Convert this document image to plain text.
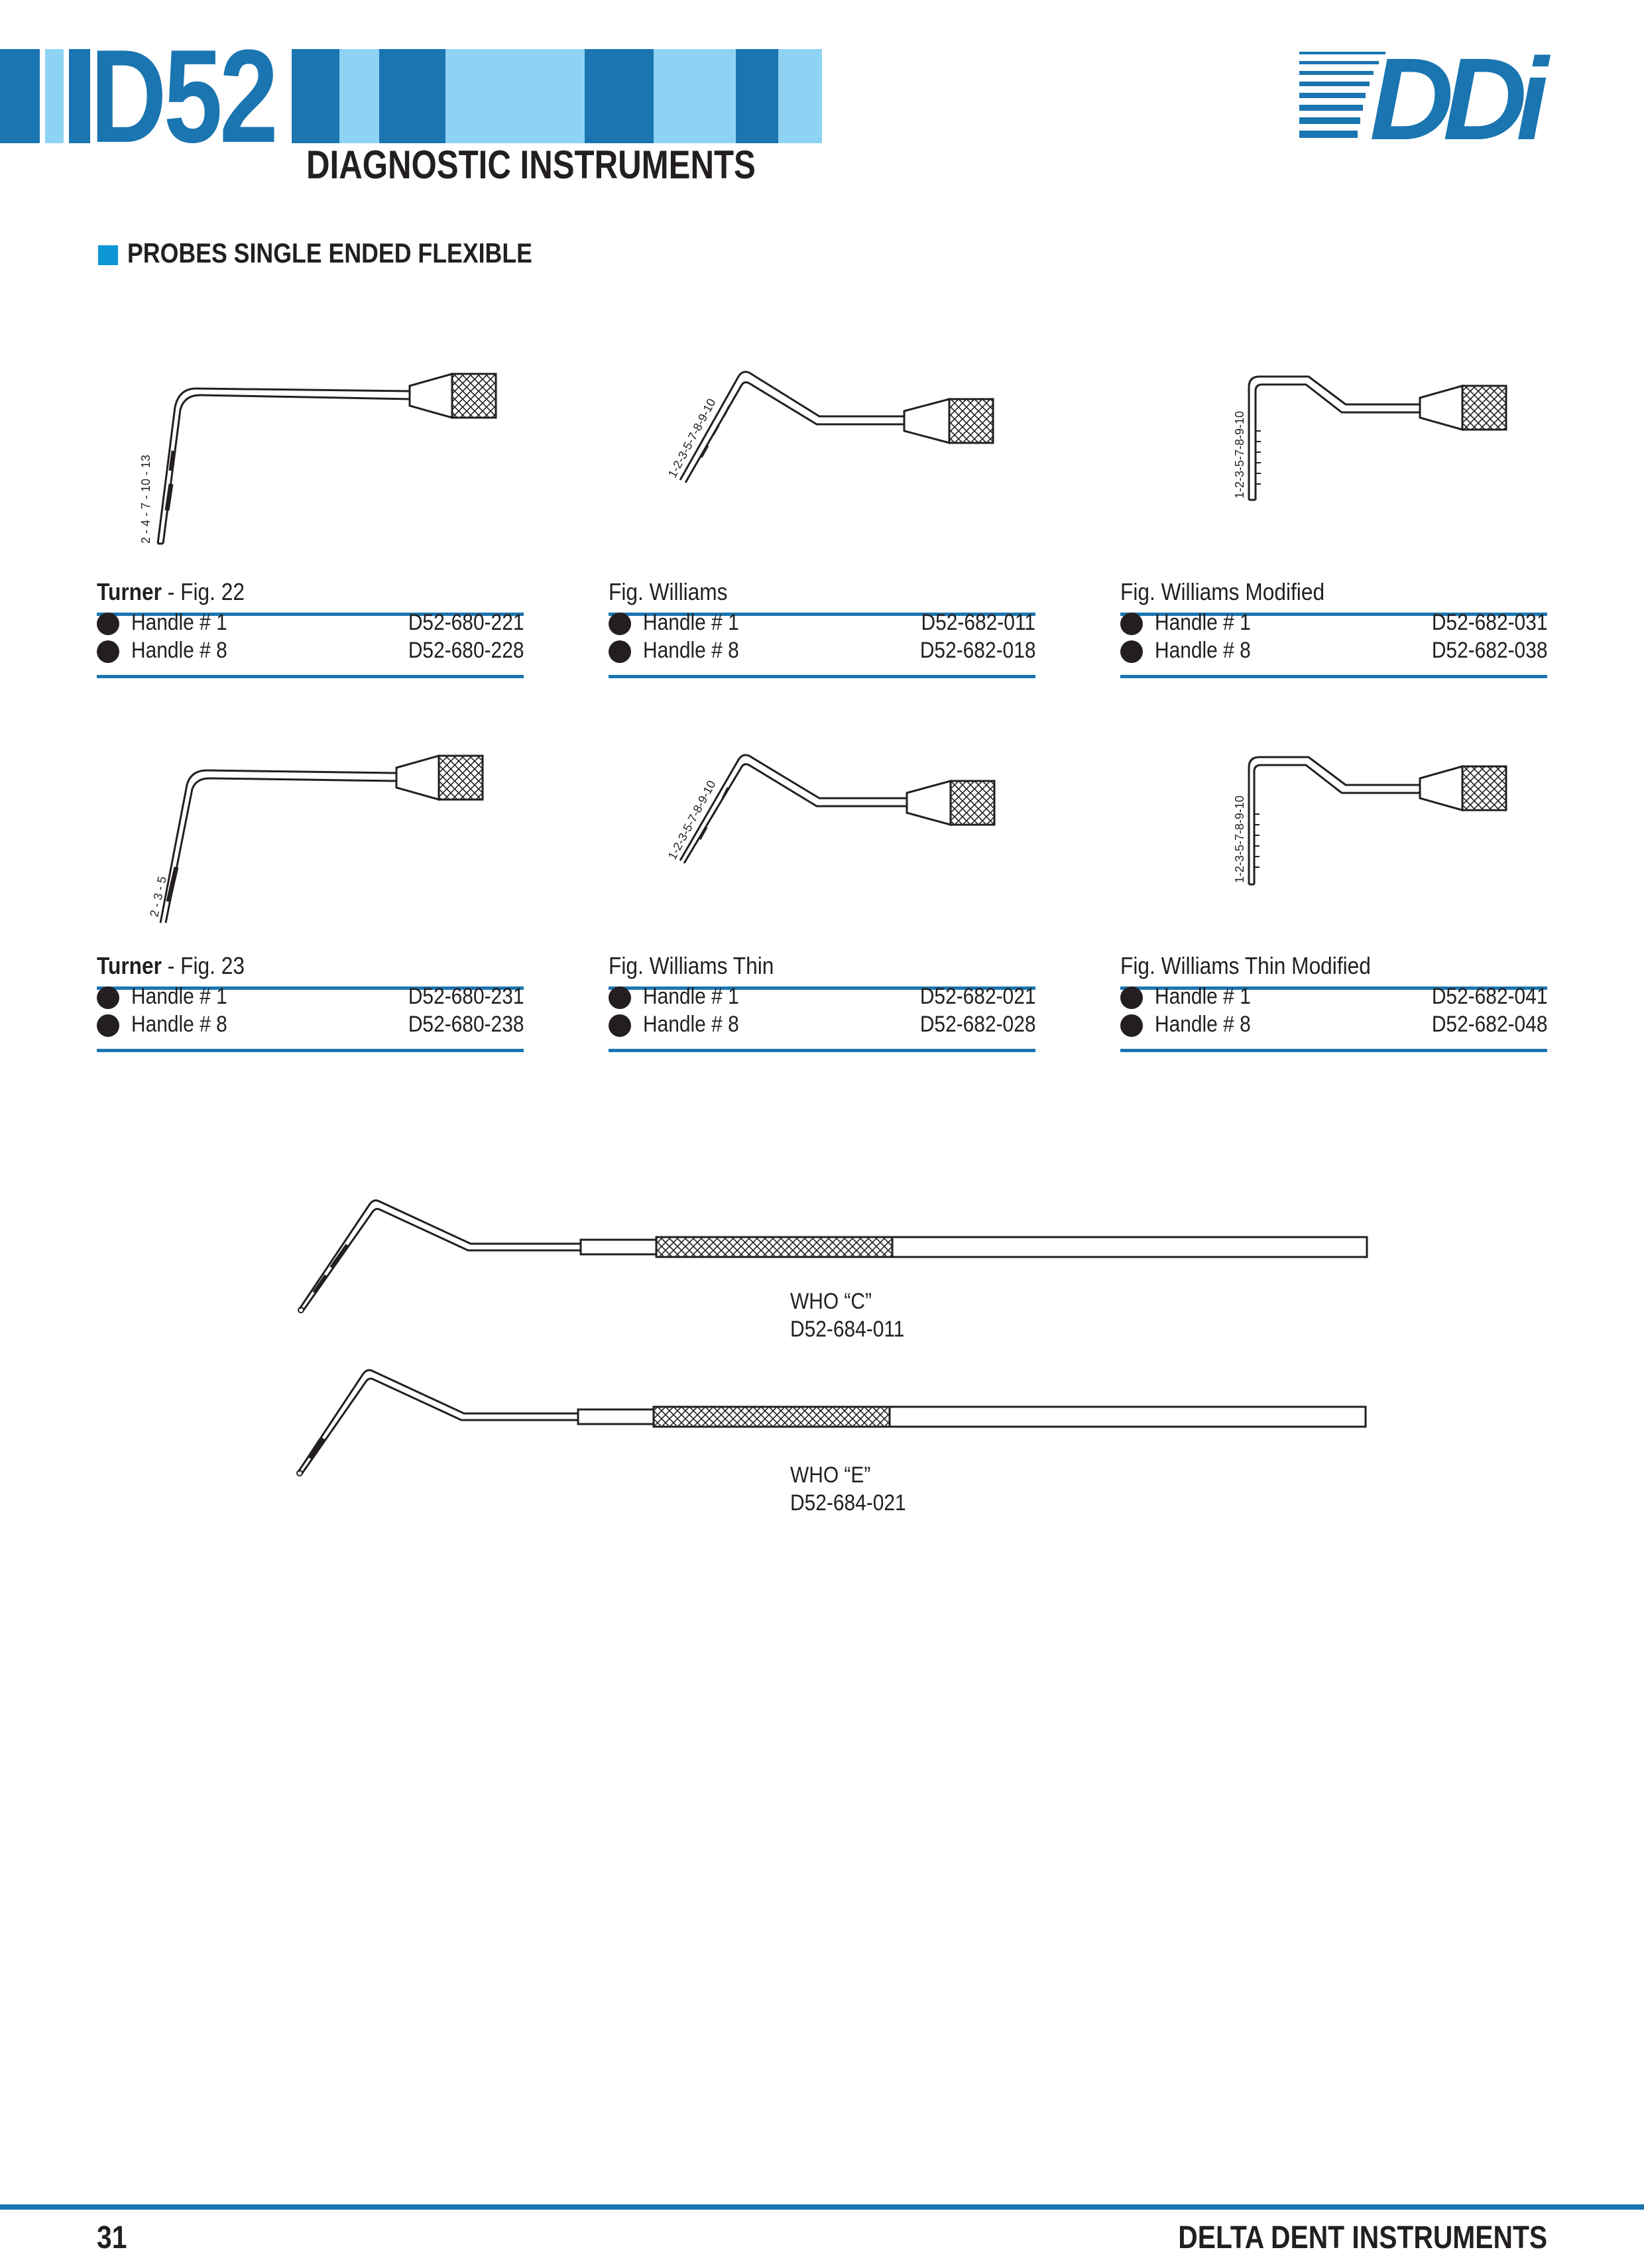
D52 DIAGNOSTIC INSTRUMENTS
DDi
PROBES SINGLE ENDED FLEXIBLE
2 - 4 - 7 - 10 - 13
Turner - Fig. 22
Handle # 1	D52-680-221
Handle # 8	D52-680-228
1-2-3-5-7-8-9-10
Fig. Williams
Handle # 1	D52-682-011
Handle # 8	D52-682-018
1-2-3-5-7-8-9-10
Fig. Williams Modified
Handle # 1	D52-682-031
Handle # 8	D52-682-038
2 - 3 - 5
Turner - Fig. 23
Handle # 1	D52-680-231
Handle # 8	D52-680-238
1-2-3-5-7-8-9-10
Fig. Williams Thin
Handle # 1	D52-682-021
Handle # 8	D52-682-028
1-2-3-5-7-8-9-10
Fig. Williams Thin Modified
Handle # 1	D52-682-041
Handle # 8	D52-682-048
WHO “C”
D52-684-011
WHO “E”
D52-684-021
31	DELTA DENT INSTRUMENTS
